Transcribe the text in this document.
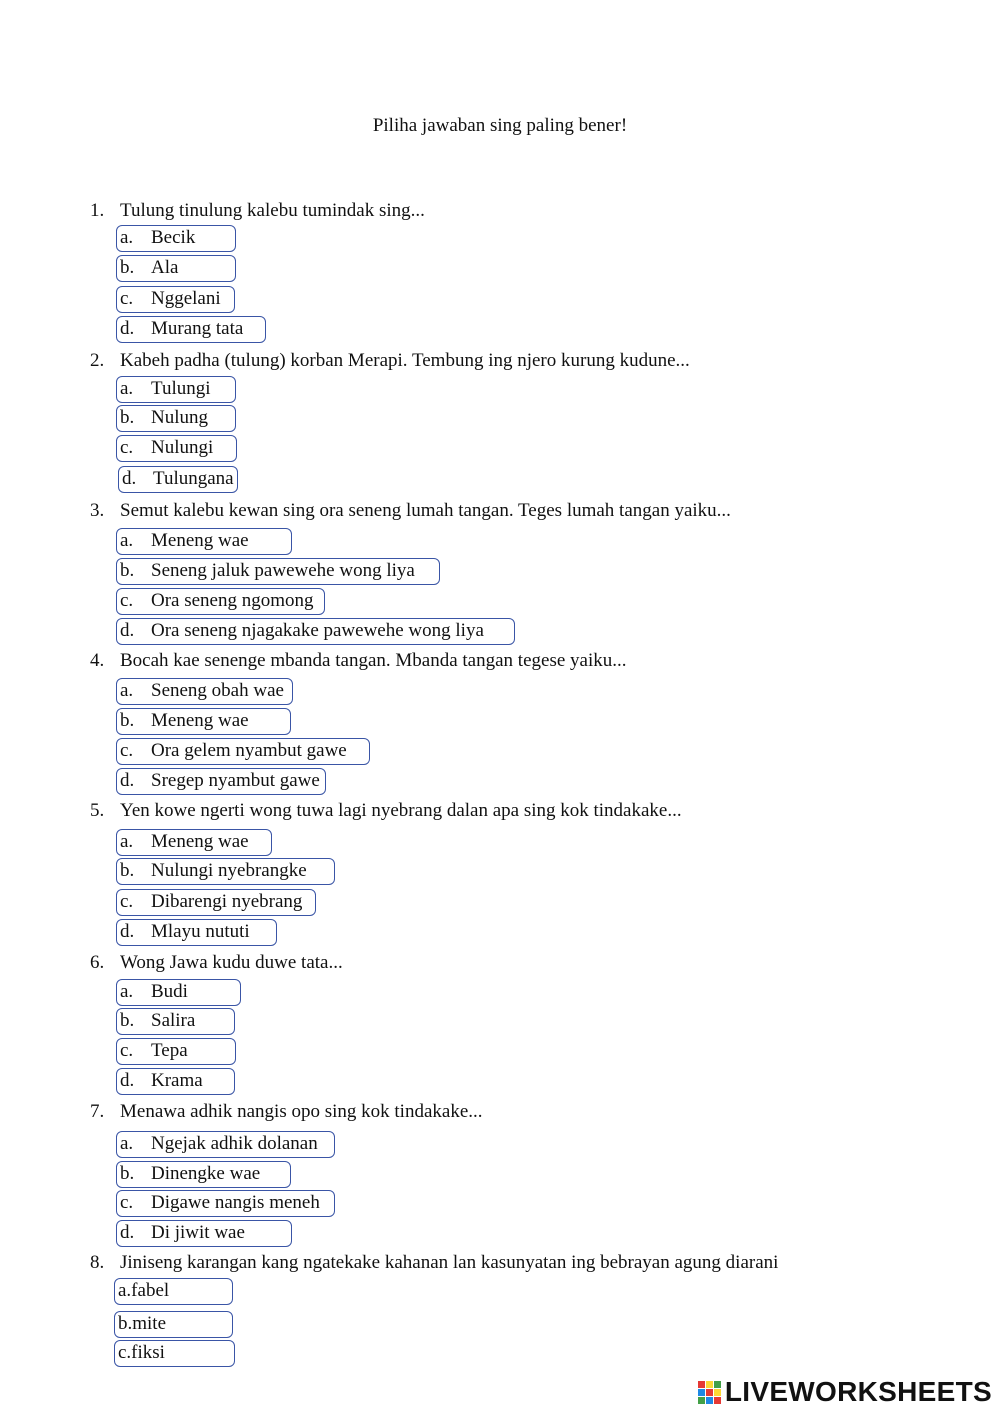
Piliha jawaban sing paling bener!
1. Tulung tinulung kalebu tumindak sing...
a. Becik
b. Ala
c. Nggelani
d. Murang tata
2. Kabeh padha (tulung) korban Merapi. Tembung ing njero kurung kudune...
a. Tulungi
b. Nulung
c. Nulungi
d. Tulungana
3. Semut kalebu kewan sing ora seneng lumah tangan. Teges lumah tangan yaiku...
a. Meneng wae
b. Seneng jaluk pawewehe wong liya
c. Ora seneng ngomong
d. Ora seneng njagakake pawewehe wong liya
4. Bocah kae senenge mbanda tangan. Mbanda tangan tegese yaiku...
a. Seneng obah wae
b. Meneng wae
c. Ora gelem nyambut gawe
d. Sregep nyambut gawe
5. Yen kowe ngerti wong tuwa lagi nyebrang dalan apa sing kok tindakake...
a. Meneng wae
b. Nulungi nyebrangke
c. Dibarengi nyebrang
d. Mlayu nututi
6. Wong Jawa kudu duwe tata...
a. Budi
b. Salira
c. Tepa
d. Krama
7. Menawa adhik nangis opo sing kok tindakake...
a. Ngejak adhik dolanan
b. Dinengke wae
c. Digawe nangis meneh
d. Di jiwit wae
8. Jiniseng karangan kang ngatekake kahanan lan kasunyatan ing bebrayan agung diarani
a.fabel
b.mite
c.fiksi
LIVEWORKSHEETS
